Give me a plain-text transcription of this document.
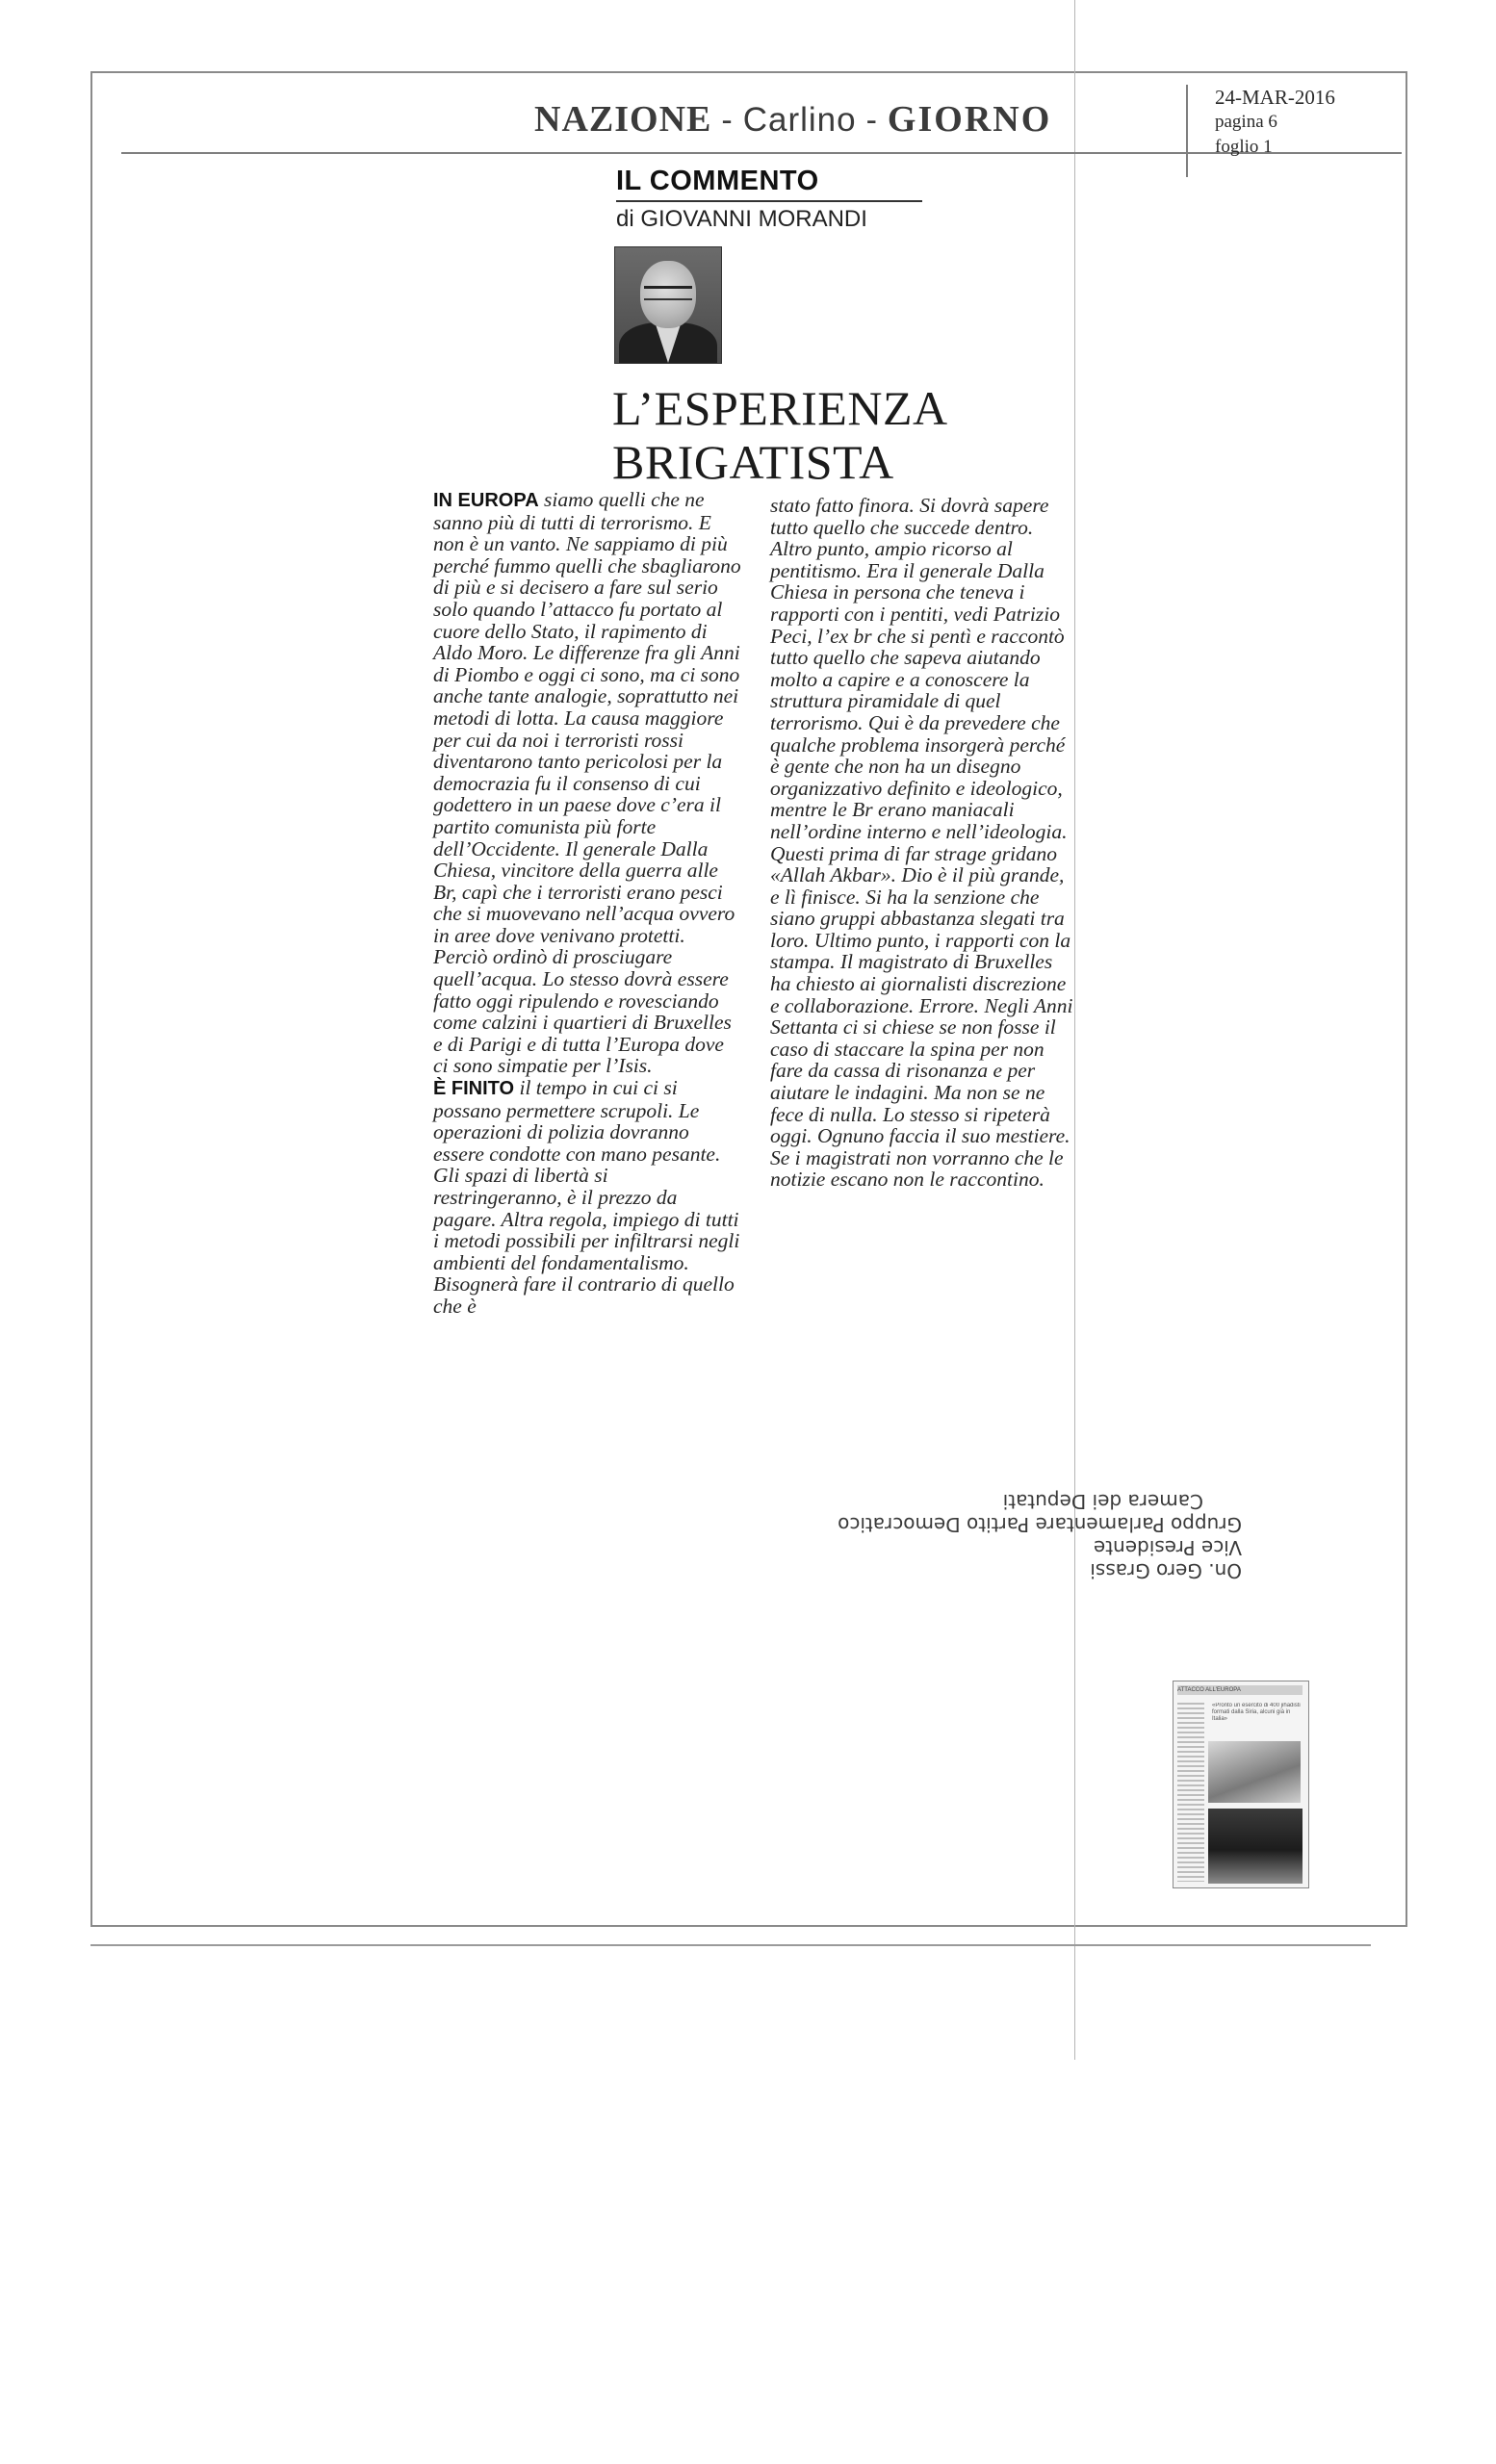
NAZIONE - Carlino - GIORNO
24-MAR-2016
pagina 6
foglio 1
IL COMMENTO
di GIOVANNI MORANDI
L’ESPERIENZA
BRIGATISTA

IN EUROPA siamo quelli che ne sanno più di tutti di terrorismo. E non è un vanto. Ne sappiamo di più perché fummo quelli che sbagliarono di più e si decisero a fare sul serio solo quando l’attacco fu portato al cuore dello Stato, il rapimento di Aldo Moro. Le differenze fra gli Anni di Piombo e oggi ci sono, ma ci sono anche tante analogie, soprattutto nei metodi di lotta. La causa maggiore per cui da noi i terroristi rossi diventarono tanto pericolosi per la democrazia fu il consenso di cui godettero in un paese dove c’era il partito comunista più forte dell’Occidente. Il generale Dalla Chiesa, vincitore della guerra alle Br, capì che i terroristi erano pesci che si muovevano nell’acqua ovvero in aree dove venivano protetti. Perciò ordinò di prosciugare quell’acqua. Lo stesso dovrà essere fatto oggi ripulendo e rovesciando come calzini i quartieri di Bruxelles e di Parigi e di tutta l’Europa dove ci sono simpatie per l’Isis.

È FINITO il tempo in cui ci si possano permettere scrupoli. Le operazioni di polizia dovranno essere condotte con mano pesante. Gli spazi di libertà si restringeranno, è il prezzo da pagare. Altra regola, impiego di tutti i metodi possibili per infiltrarsi negli ambienti del fondamentalismo. Bisognerà fare il contrario di quello che è

stato fatto finora. Si dovrà sapere tutto quello che succede dentro. Altro punto, ampio ricorso al pentitismo. Era il generale Dalla Chiesa in persona che teneva i rapporti con i pentiti, vedi Patrizio Peci, l’ex br che si pentì e raccontò tutto quello che sapeva aiutando molto a capire e a conoscere la struttura piramidale di quel terrorismo. Qui è da prevedere che qualche problema insorgerà perché è gente che non ha un disegno organizzativo definito e ideologico, mentre le Br erano maniacali nell’ordine interno e nell’ideologia. Questi prima di far strage gridano «Allah Akbar». Dio è il più grande, e lì finisce. Si ha la senzione che siano gruppi abbastanza slegati tra loro. Ultimo punto, i rapporti con la stampa. Il magistrato di Bruxelles ha chiesto ai giornalisti discrezione e collaborazione. Errore. Negli Anni Settanta ci si chiese se non fosse il caso di staccare la spina per non fare da cassa di risonanza e per aiutare le indagini. Ma non se ne fece di nulla. Lo stesso si ripeterà oggi. Ognuno faccia il suo mestiere. Se i magistrati non vorranno che le notizie escano non le raccontino.

On. Gero Grassi
Vice Presidente
Gruppo Parlamentare Partito Democratico
Camera dei Deputati
ATTACCO ALL'EUROPA
«Pronto un esercito di 400 jihadisti formati dalla Siria, alcuni già in Italia»
